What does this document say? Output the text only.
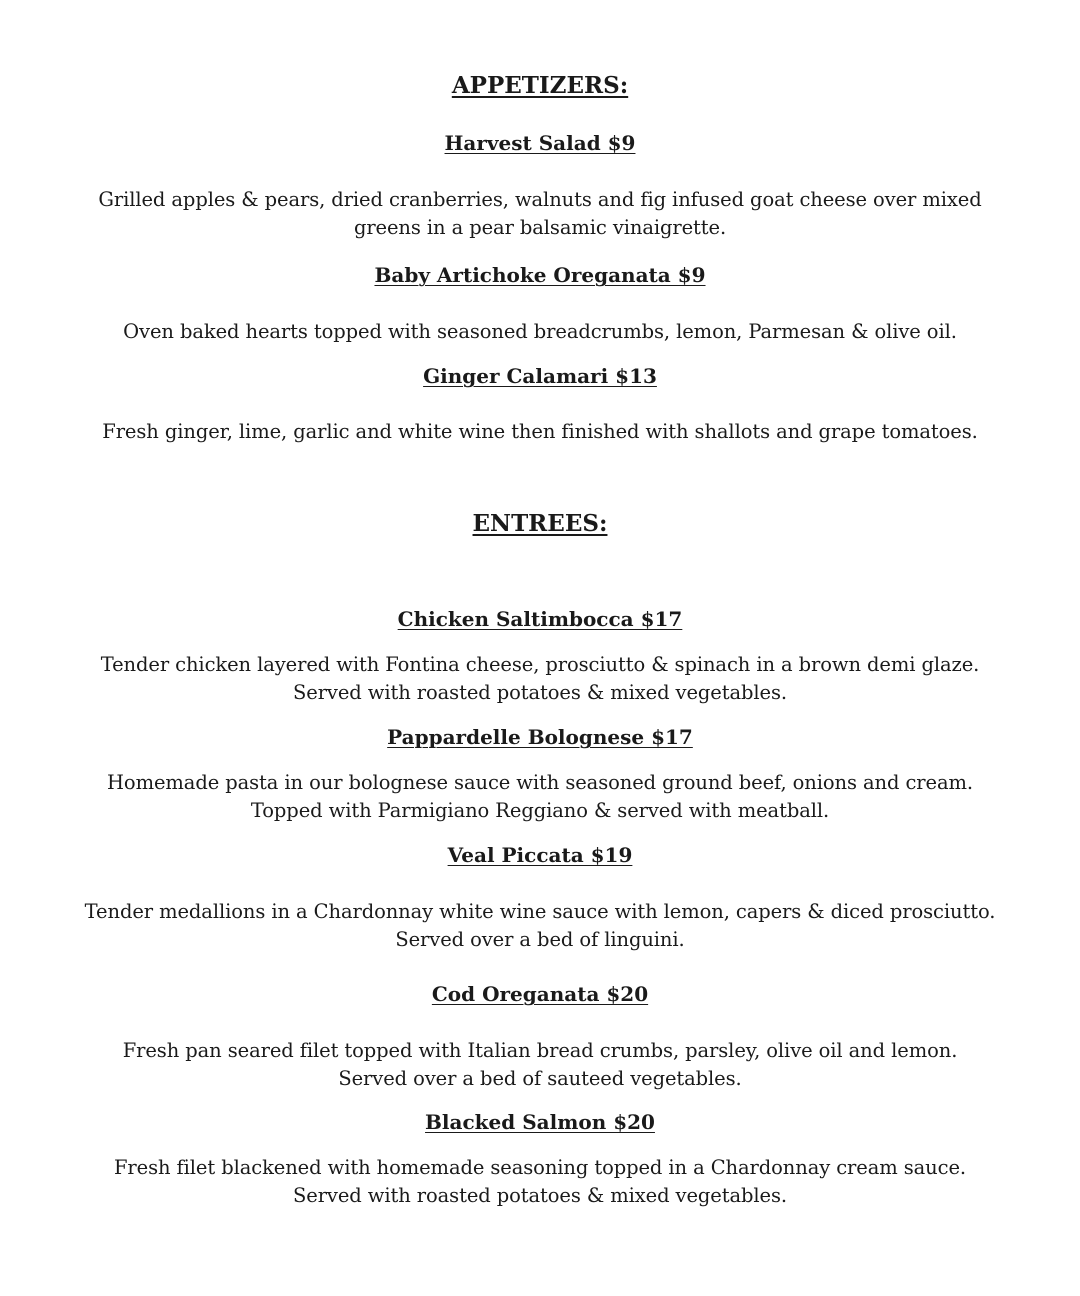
APPETIZERS:
Harvest Salad $9
Grilled apples & pears, dried cranberries, walnuts and fig infused goat cheese over mixed
greens in a pear balsamic vinaigrette.
Baby Artichoke Oreganata $9
Oven baked hearts topped with seasoned breadcrumbs, lemon, Parmesan & olive oil.
Ginger Calamari $13
Fresh ginger, lime, garlic and white wine then finished with shallots and grape tomatoes.
ENTREES:
Chicken Saltimbocca $17
Tender chicken layered with Fontina cheese, prosciutto & spinach in a brown demi glaze.
Served with roasted potatoes & mixed vegetables.
Pappardelle Bolognese $17
Homemade pasta in our bolognese sauce with seasoned ground beef, onions and cream.
Topped with Parmigiano Reggiano & served with meatball.
Veal Piccata $19
Tender medallions in a Chardonnay white wine sauce with lemon, capers & diced prosciutto.
Served over a bed of linguini.
Cod Oreganata $20
Fresh pan seared filet topped with Italian bread crumbs, parsley, olive oil and lemon.
Served over a bed of sauteed vegetables.
Blacked Salmon $20
Fresh filet blackened with homemade seasoning topped in a Chardonnay cream sauce.
Served with roasted potatoes & mixed vegetables.
